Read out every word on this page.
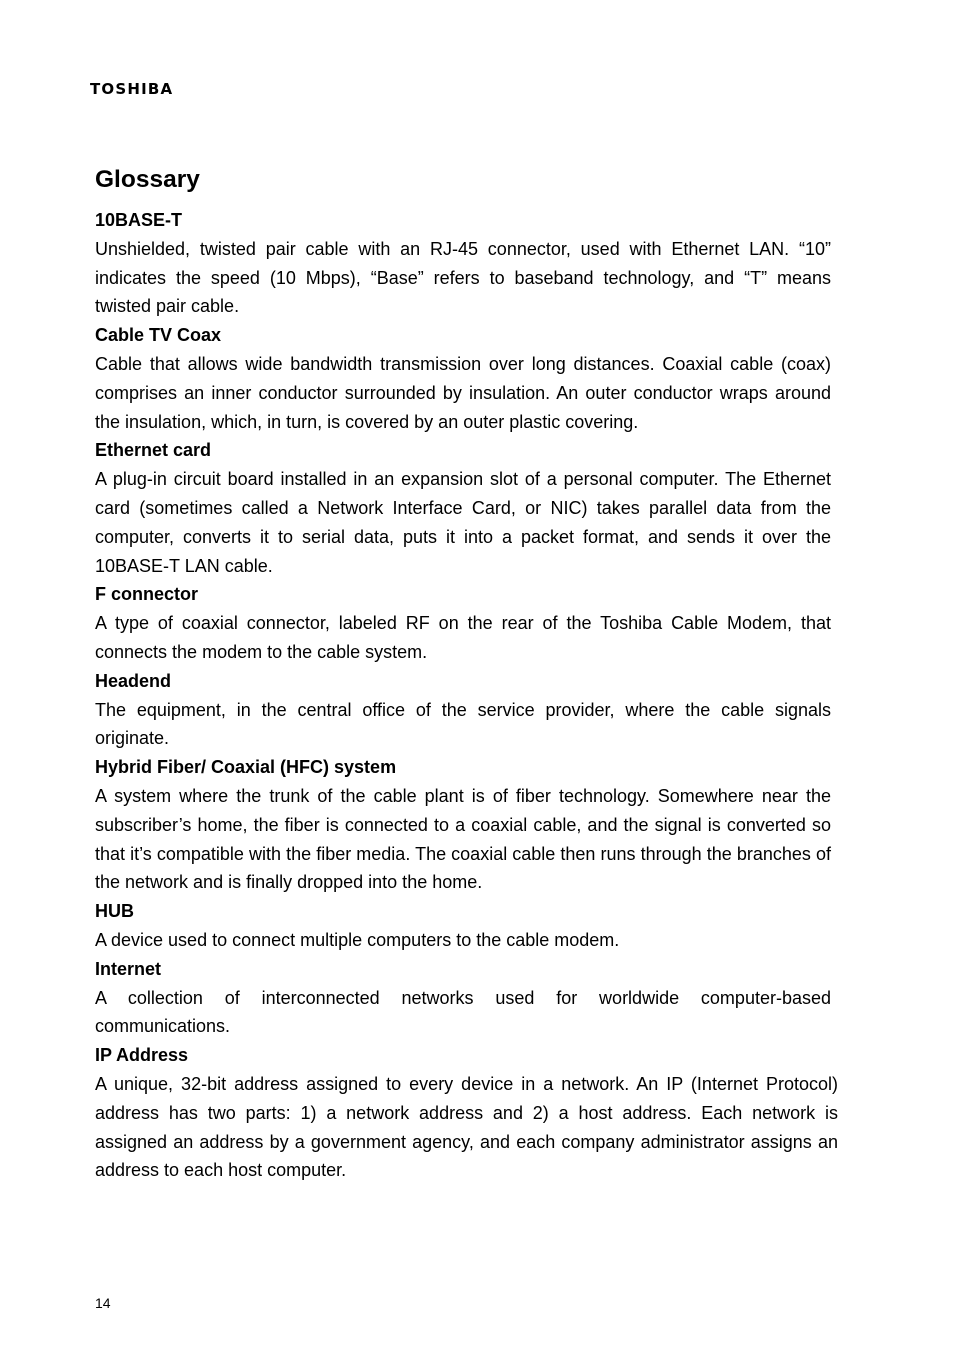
TOSHIBA
Glossary

10BASE-T

Unshielded, twisted pair cable with an RJ-45 connector, used with Ethernet LAN. “10” indicates the speed (10 Mbps), “Base” refers to baseband technology, and “T” means twisted pair cable.

Cable TV Coax

Cable that allows wide bandwidth transmission over long distances. Coaxial cable (coax) comprises an inner conductor surrounded by insulation. An outer conductor wraps around the insulation, which, in turn, is covered by an outer plastic covering.

Ethernet card

A plug-in circuit board installed in an expansion slot of a personal computer. The Ethernet card (sometimes called a Network Interface Card, or NIC) takes parallel data from the computer, converts it to serial data, puts it into a packet format, and sends it over the 10BASE-T LAN cable.

F connector

A type of coaxial connector, labeled RF on the rear of the Toshiba Cable Modem, that connects the modem to the cable system.

Headend

The equipment, in the central office of the service provider, where the cable signals originate.

Hybrid Fiber/ Coaxial (HFC) system

A system where the trunk of the cable plant is of fiber technology. Somewhere near the subscriber’s home, the fiber is connected to a coaxial cable, and the signal is converted so that it’s compatible with the fiber media. The coaxial cable then runs through the branches of the network and is finally dropped into the home.

HUB

A device used to connect multiple computers to the cable modem.

Internet

A collection of interconnected networks used for worldwide computer-based communications.

IP Address

A unique, 32-bit address assigned to every device in a network. An IP (Internet Protocol) address has two parts: 1) a network address and 2) a host address. Each network is assigned an address by a government agency, and each company administrator assigns an address to each host computer.

14
